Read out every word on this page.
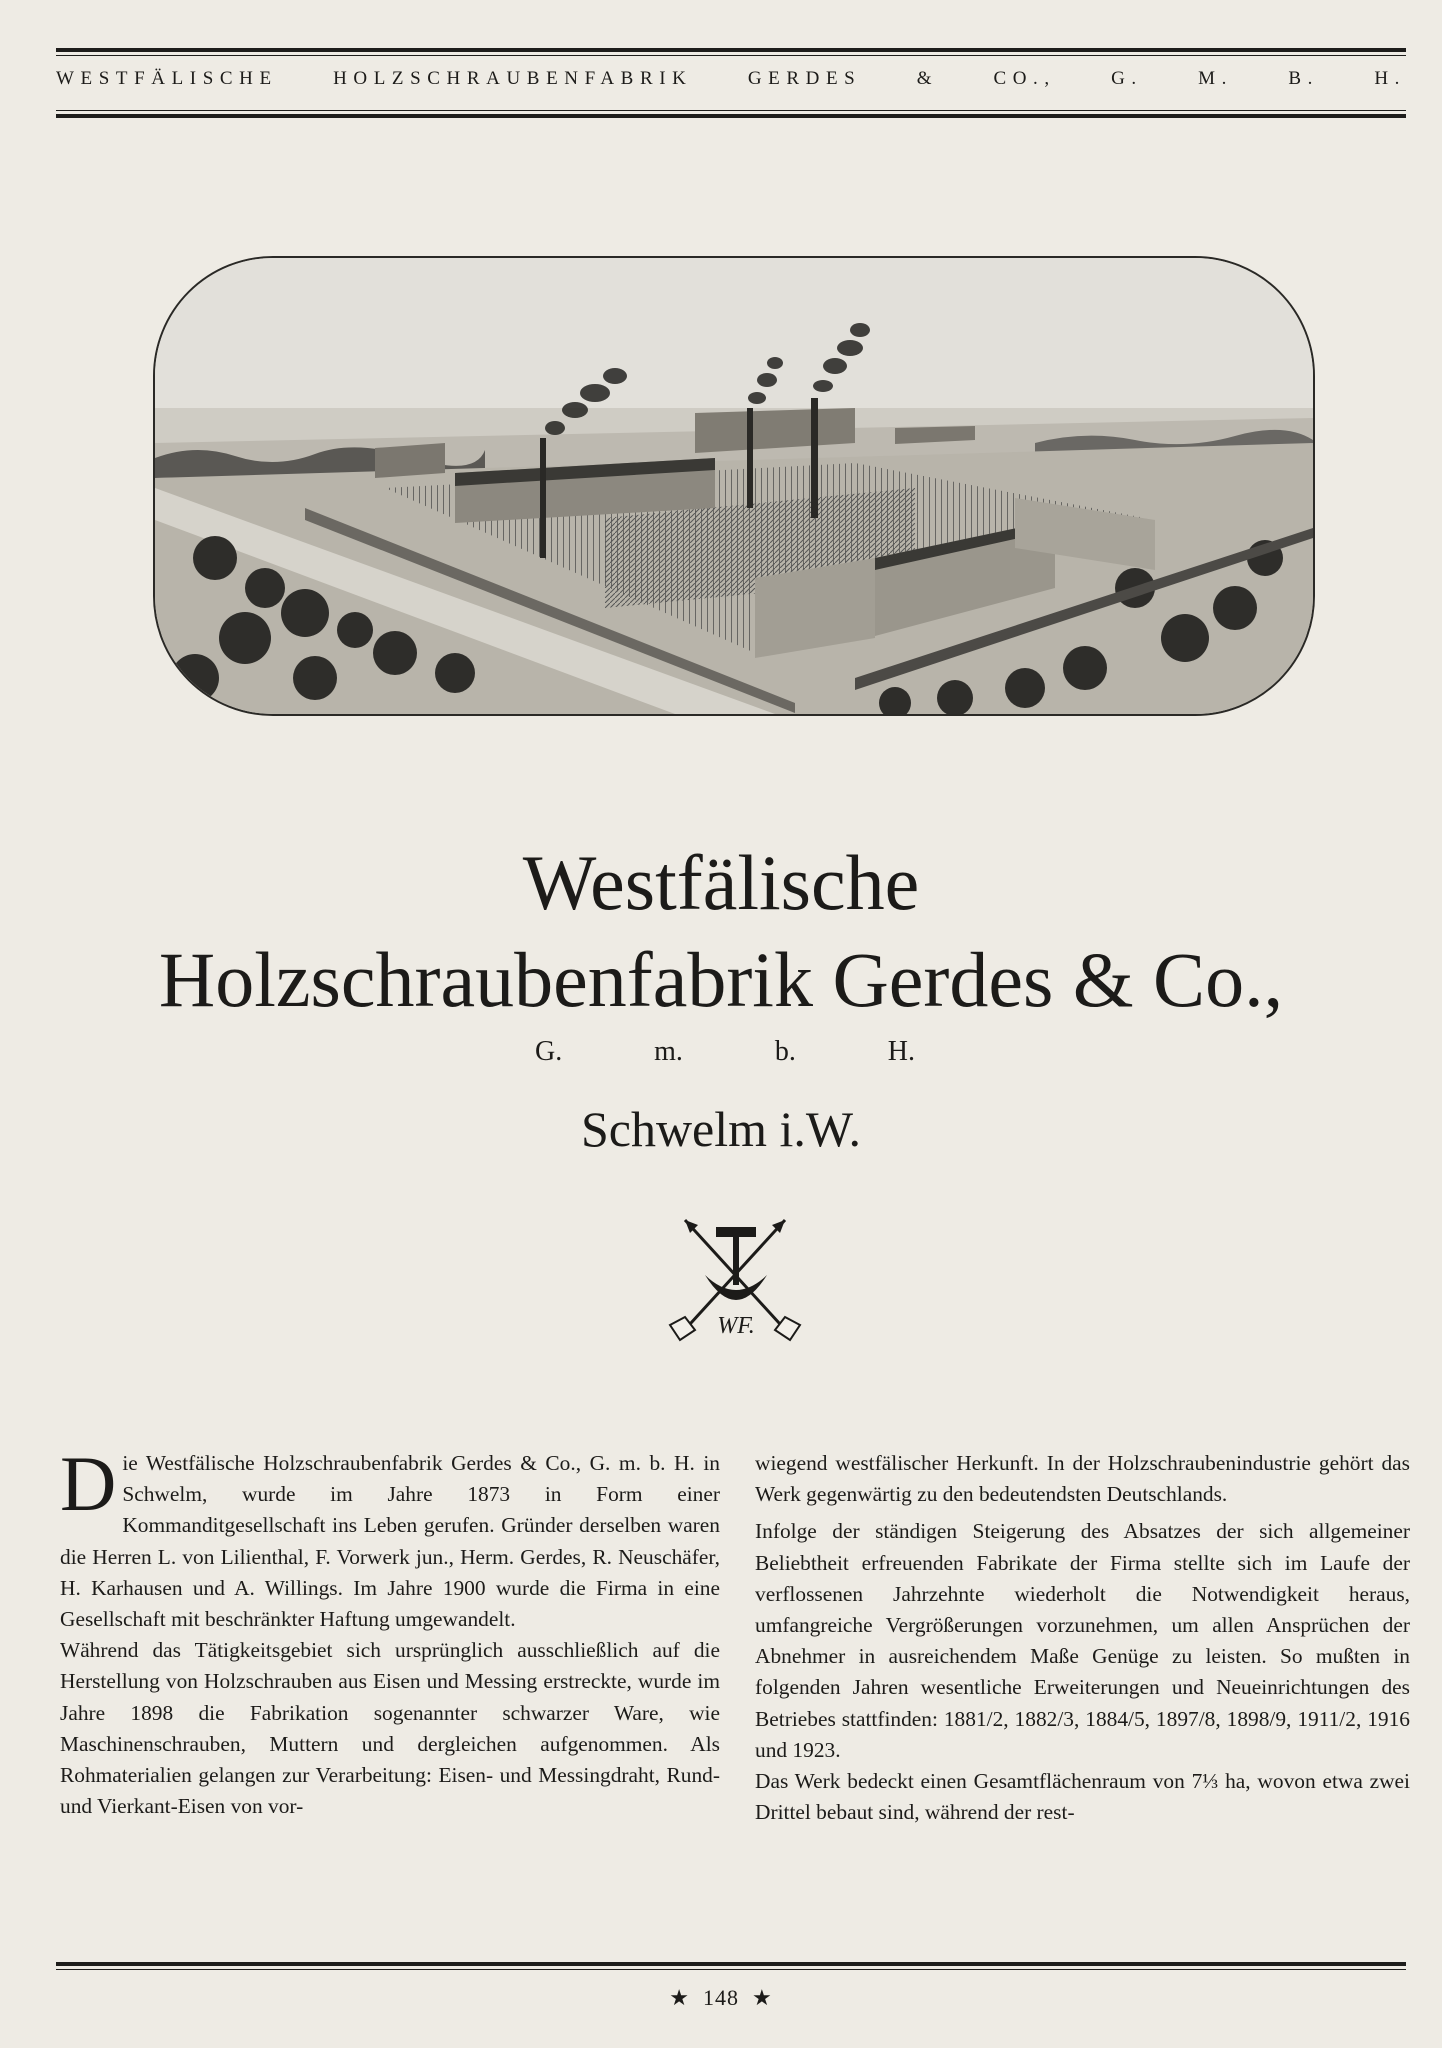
WESTFÄLISCHE	HOLZSCHRAUBENFABRIK	GERDES	&	CO.,	G.	M.	B.	H.
Westfälische
Holzschraubenfabrik Gerdes & Co.,
G.	m.	b.	H.
Schwelm i.W.
WF.

Die Westfälische Holzschraubenfabrik Gerdes & Co., G. m. b. H. in Schwelm, wurde im Jahre 1873 in Form einer Kommanditgesellschaft ins Leben gerufen. Gründer derselben waren die Herren L. von Lilienthal, F. Vorwerk jun., Herm. Gerdes, R. Neuschäfer, H. Karhausen und A. Willings. Im Jahre 1900 wurde die Firma in eine Gesellschaft mit beschränkter Haftung umgewandelt.

Während das Tätigkeitsgebiet sich ursprünglich ausschließlich auf die Herstellung von Holzschrauben aus Eisen und Messing erstreckte, wurde im Jahre 1898 die Fabrikation sogenannter schwarzer Ware, wie Maschinenschrauben, Muttern und dergleichen aufgenommen. Als Rohmaterialien gelangen zur Verarbeitung: Eisen- und Messingdraht, Rund- und Vierkant-Eisen von vor-

wiegend westfälischer Herkunft. In der Holzschraubenindustrie gehört das Werk gegenwärtig zu den bedeutendsten Deutschlands.

Infolge der ständigen Steigerung des Absatzes der sich allgemeiner Beliebtheit erfreuenden Fabrikate der Firma stellte sich im Laufe der verflossenen Jahrzehnte wiederholt die Notwendigkeit heraus, umfangreiche Vergrößerungen vorzunehmen, um allen Ansprüchen der Abnehmer in ausreichendem Maße Genüge zu leisten. So mußten in folgenden Jahren wesentliche Erweiterungen und Neueinrichtungen des Betriebes stattfinden: 1881/2, 1882/3, 1884/5, 1897/8, 1898/9, 1911/2, 1916 und 1923.

Das Werk bedeckt einen Gesamtflächenraum von 7⅓ ha, wovon etwa zwei Drittel bebaut sind, während der rest-

★ 148 ★
